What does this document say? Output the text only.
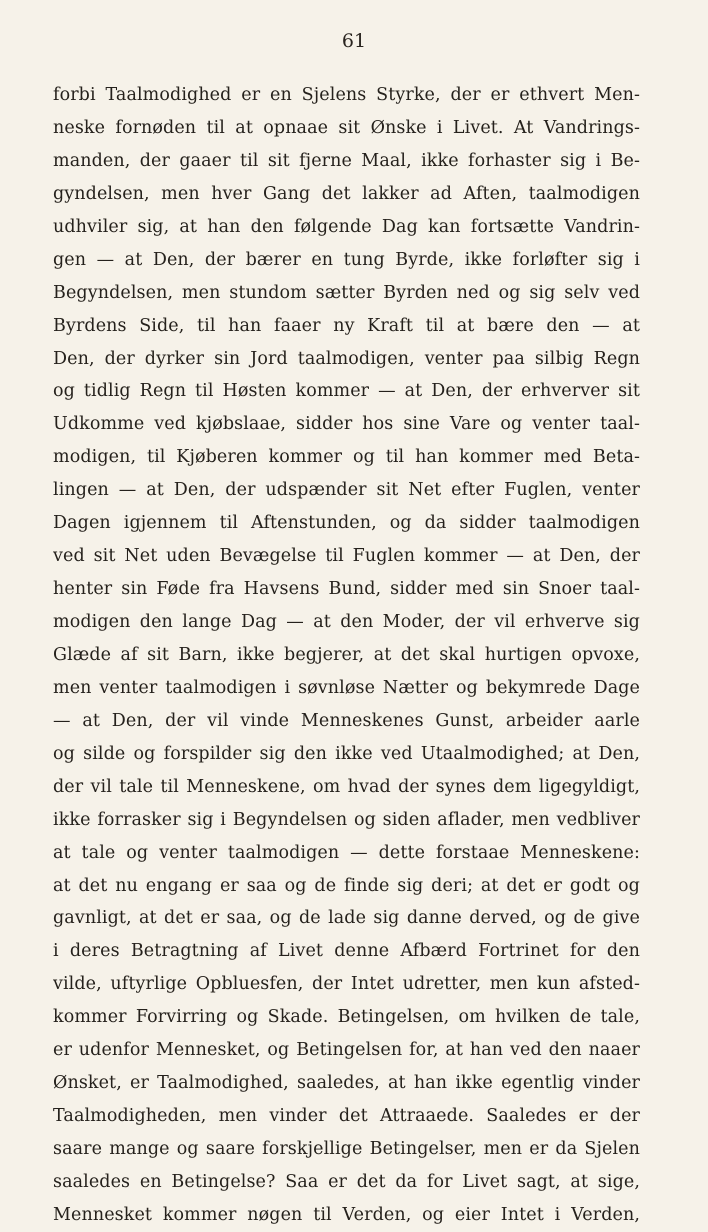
61
forbi Taalmodighed er en Sjelens Styrke, der er ethvert Men-
neske fornøden til at opnaae sit Ønske i Livet. At Vandrings-
manden, der gaaer til sit fjerne Maal, ikke forhaster sig i Be-
gyndelsen, men hver Gang det lakker ad Aften, taalmodigen
udhviler sig, at han den følgende Dag kan fortsætte Vandrin-
gen — at Den, der bærer en tung Byrde, ikke forløfter sig i
Begyndelsen, men stundom sætter Byrden ned og sig selv ved
Byrdens Side, til han faaer ny Kraft til at bære den — at
Den, der dyrker sin Jord taalmodigen, venter paa silbig Regn
og tidlig Regn til Høsten kommer — at Den, der erhverver sit
Udkomme ved kjøbslaae, sidder hos sine Vare og venter taal-
modigen, til Kjøberen kommer og til han kommer med Beta-
lingen — at Den, der udspænder sit Net efter Fuglen, venter
Dagen igjennem til Aftenstunden, og da sidder taalmodigen
ved sit Net uden Bevægelse til Fuglen kommer — at Den, der
henter sin Føde fra Havsens Bund, sidder med sin Snoer taal-
modigen den lange Dag — at den Moder, der vil erhverve sig
Glæde af sit Barn, ikke begjerer, at det skal hurtigen opvoxe,
men venter taalmodigen i søvnløse Nætter og bekymrede Dage
— at Den, der vil vinde Menneskenes Gunst, arbeider aarle
og silde og forspilder sig den ikke ved Utaalmodighed; at Den,
der vil tale til Menneskene, om hvad der synes dem ligegyldigt,
ikke forrasker sig i Begyndelsen og siden aflader, men vedbliver
at tale og venter taalmodigen — dette forstaae Menneskene:
at det nu engang er saa og de finde sig deri; at det er godt og
gavnligt, at det er saa, og de lade sig danne derved, og de give
i deres Betragtning af Livet denne Afbærd Fortrinet for den
vilde, uftyrlige Opbluesfen, der Intet udretter, men kun afsted-
kommer Forvirring og Skade. Betingelsen, om hvilken de tale,
er udenfor Mennesket, og Betingelsen for, at han ved den naaer
Ønsket, er Taalmodighed, saaledes, at han ikke egentlig vinder
Taalmodigheden, men vinder det Attraaede. Saaledes er der
saare mange og saare forskjellige Betingelser, men er da Sjelen
saaledes en Betingelse? Saa er det da for Livet sagt, at sige,
Mennesket kommer nøgen til Verden, og eier Intet i Verden,
